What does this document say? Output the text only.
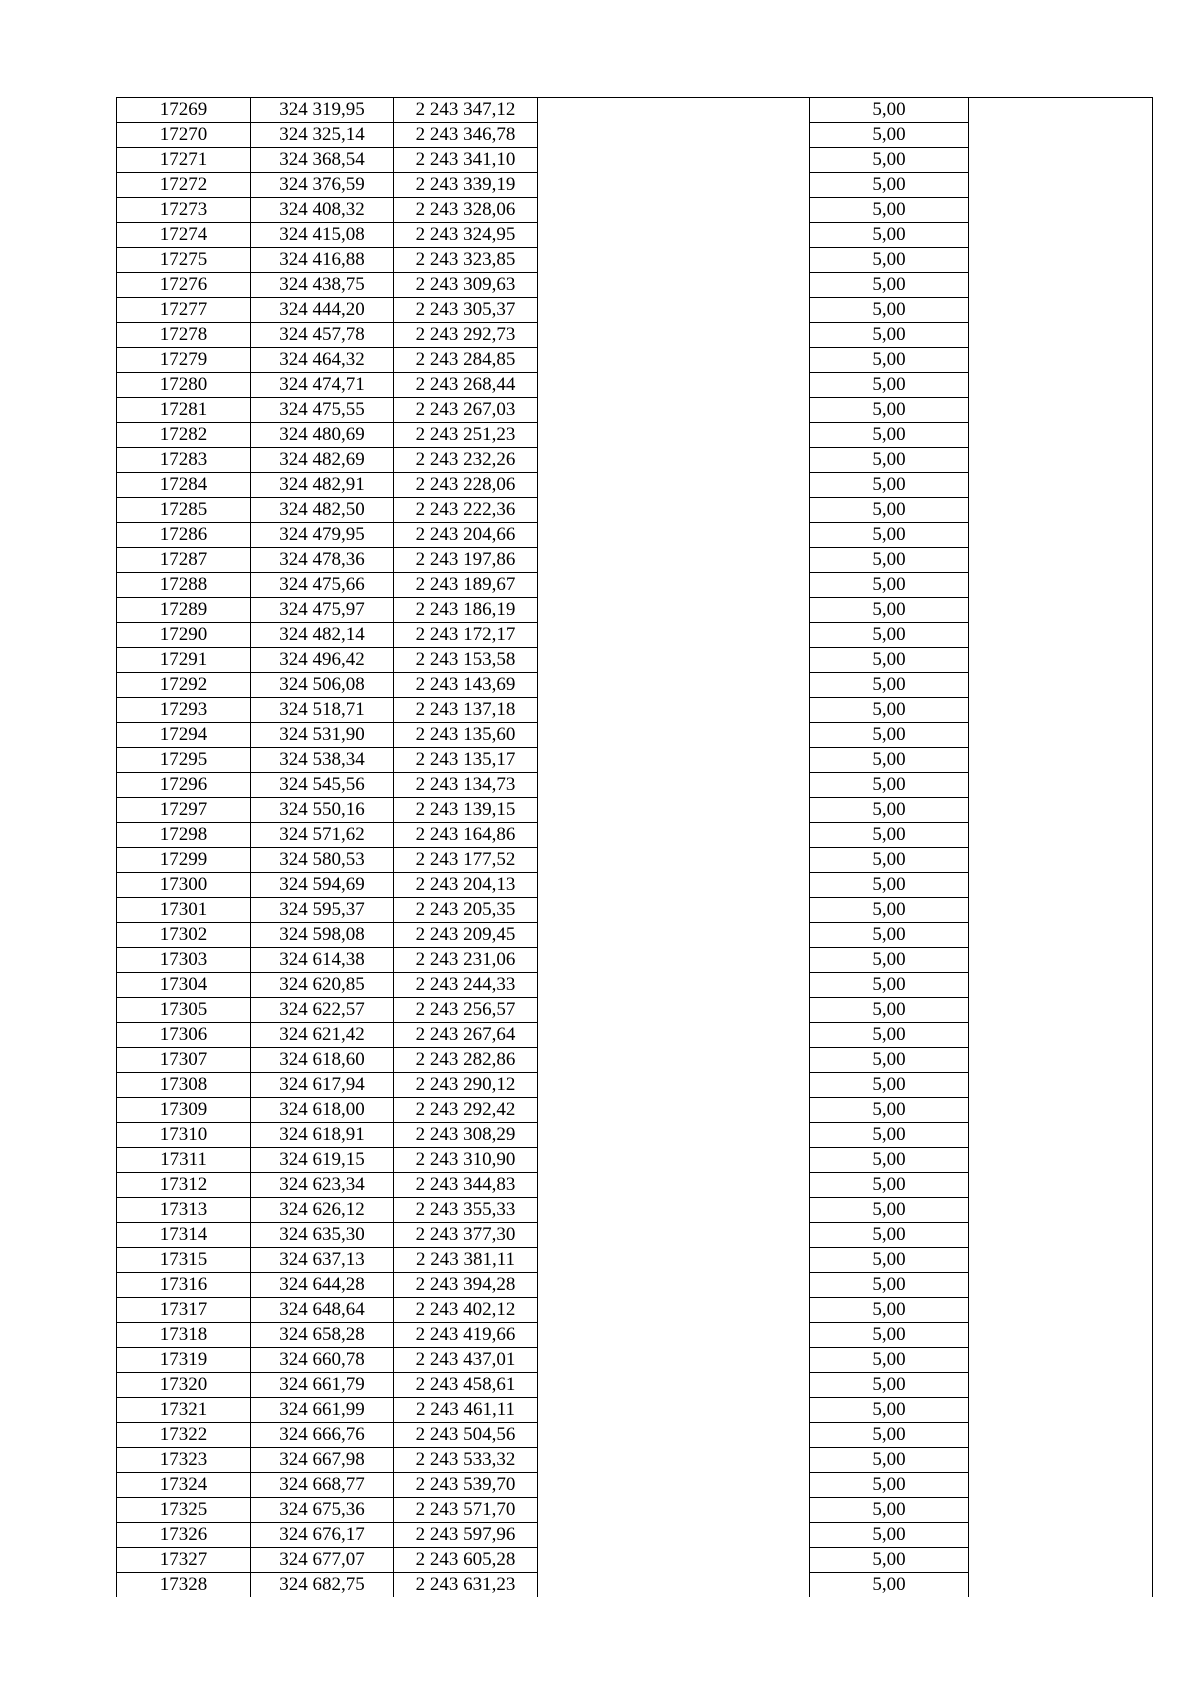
17269	324 319,95	2 243 347,12		5,00	
17270	324 325,14	2 243 346,78		5,00	
17271	324 368,54	2 243 341,10		5,00	
17272	324 376,59	2 243 339,19		5,00	
17273	324 408,32	2 243 328,06		5,00	
17274	324 415,08	2 243 324,95		5,00	
17275	324 416,88	2 243 323,85		5,00	
17276	324 438,75	2 243 309,63		5,00	
17277	324 444,20	2 243 305,37		5,00	
17278	324 457,78	2 243 292,73		5,00	
17279	324 464,32	2 243 284,85		5,00	
17280	324 474,71	2 243 268,44		5,00	
17281	324 475,55	2 243 267,03		5,00	
17282	324 480,69	2 243 251,23		5,00	
17283	324 482,69	2 243 232,26		5,00	
17284	324 482,91	2 243 228,06		5,00	
17285	324 482,50	2 243 222,36		5,00	
17286	324 479,95	2 243 204,66		5,00	
17287	324 478,36	2 243 197,86		5,00	
17288	324 475,66	2 243 189,67		5,00	
17289	324 475,97	2 243 186,19		5,00	
17290	324 482,14	2 243 172,17		5,00	
17291	324 496,42	2 243 153,58		5,00	
17292	324 506,08	2 243 143,69		5,00	
17293	324 518,71	2 243 137,18		5,00	
17294	324 531,90	2 243 135,60		5,00	
17295	324 538,34	2 243 135,17		5,00	
17296	324 545,56	2 243 134,73		5,00	
17297	324 550,16	2 243 139,15		5,00	
17298	324 571,62	2 243 164,86		5,00	
17299	324 580,53	2 243 177,52		5,00	
17300	324 594,69	2 243 204,13		5,00	
17301	324 595,37	2 243 205,35		5,00	
17302	324 598,08	2 243 209,45		5,00	
17303	324 614,38	2 243 231,06		5,00	
17304	324 620,85	2 243 244,33		5,00	
17305	324 622,57	2 243 256,57		5,00	
17306	324 621,42	2 243 267,64		5,00	
17307	324 618,60	2 243 282,86		5,00	
17308	324 617,94	2 243 290,12		5,00	
17309	324 618,00	2 243 292,42		5,00	
17310	324 618,91	2 243 308,29		5,00	
17311	324 619,15	2 243 310,90		5,00	
17312	324 623,34	2 243 344,83		5,00	
17313	324 626,12	2 243 355,33		5,00	
17314	324 635,30	2 243 377,30		5,00	
17315	324 637,13	2 243 381,11		5,00	
17316	324 644,28	2 243 394,28		5,00	
17317	324 648,64	2 243 402,12		5,00	
17318	324 658,28	2 243 419,66		5,00	
17319	324 660,78	2 243 437,01		5,00	
17320	324 661,79	2 243 458,61		5,00	
17321	324 661,99	2 243 461,11		5,00	
17322	324 666,76	2 243 504,56		5,00	
17323	324 667,98	2 243 533,32		5,00	
17324	324 668,77	2 243 539,70		5,00	
17325	324 675,36	2 243 571,70		5,00	
17326	324 676,17	2 243 597,96		5,00	
17327	324 677,07	2 243 605,28		5,00	
17328	324 682,75	2 243 631,23		5,00	
